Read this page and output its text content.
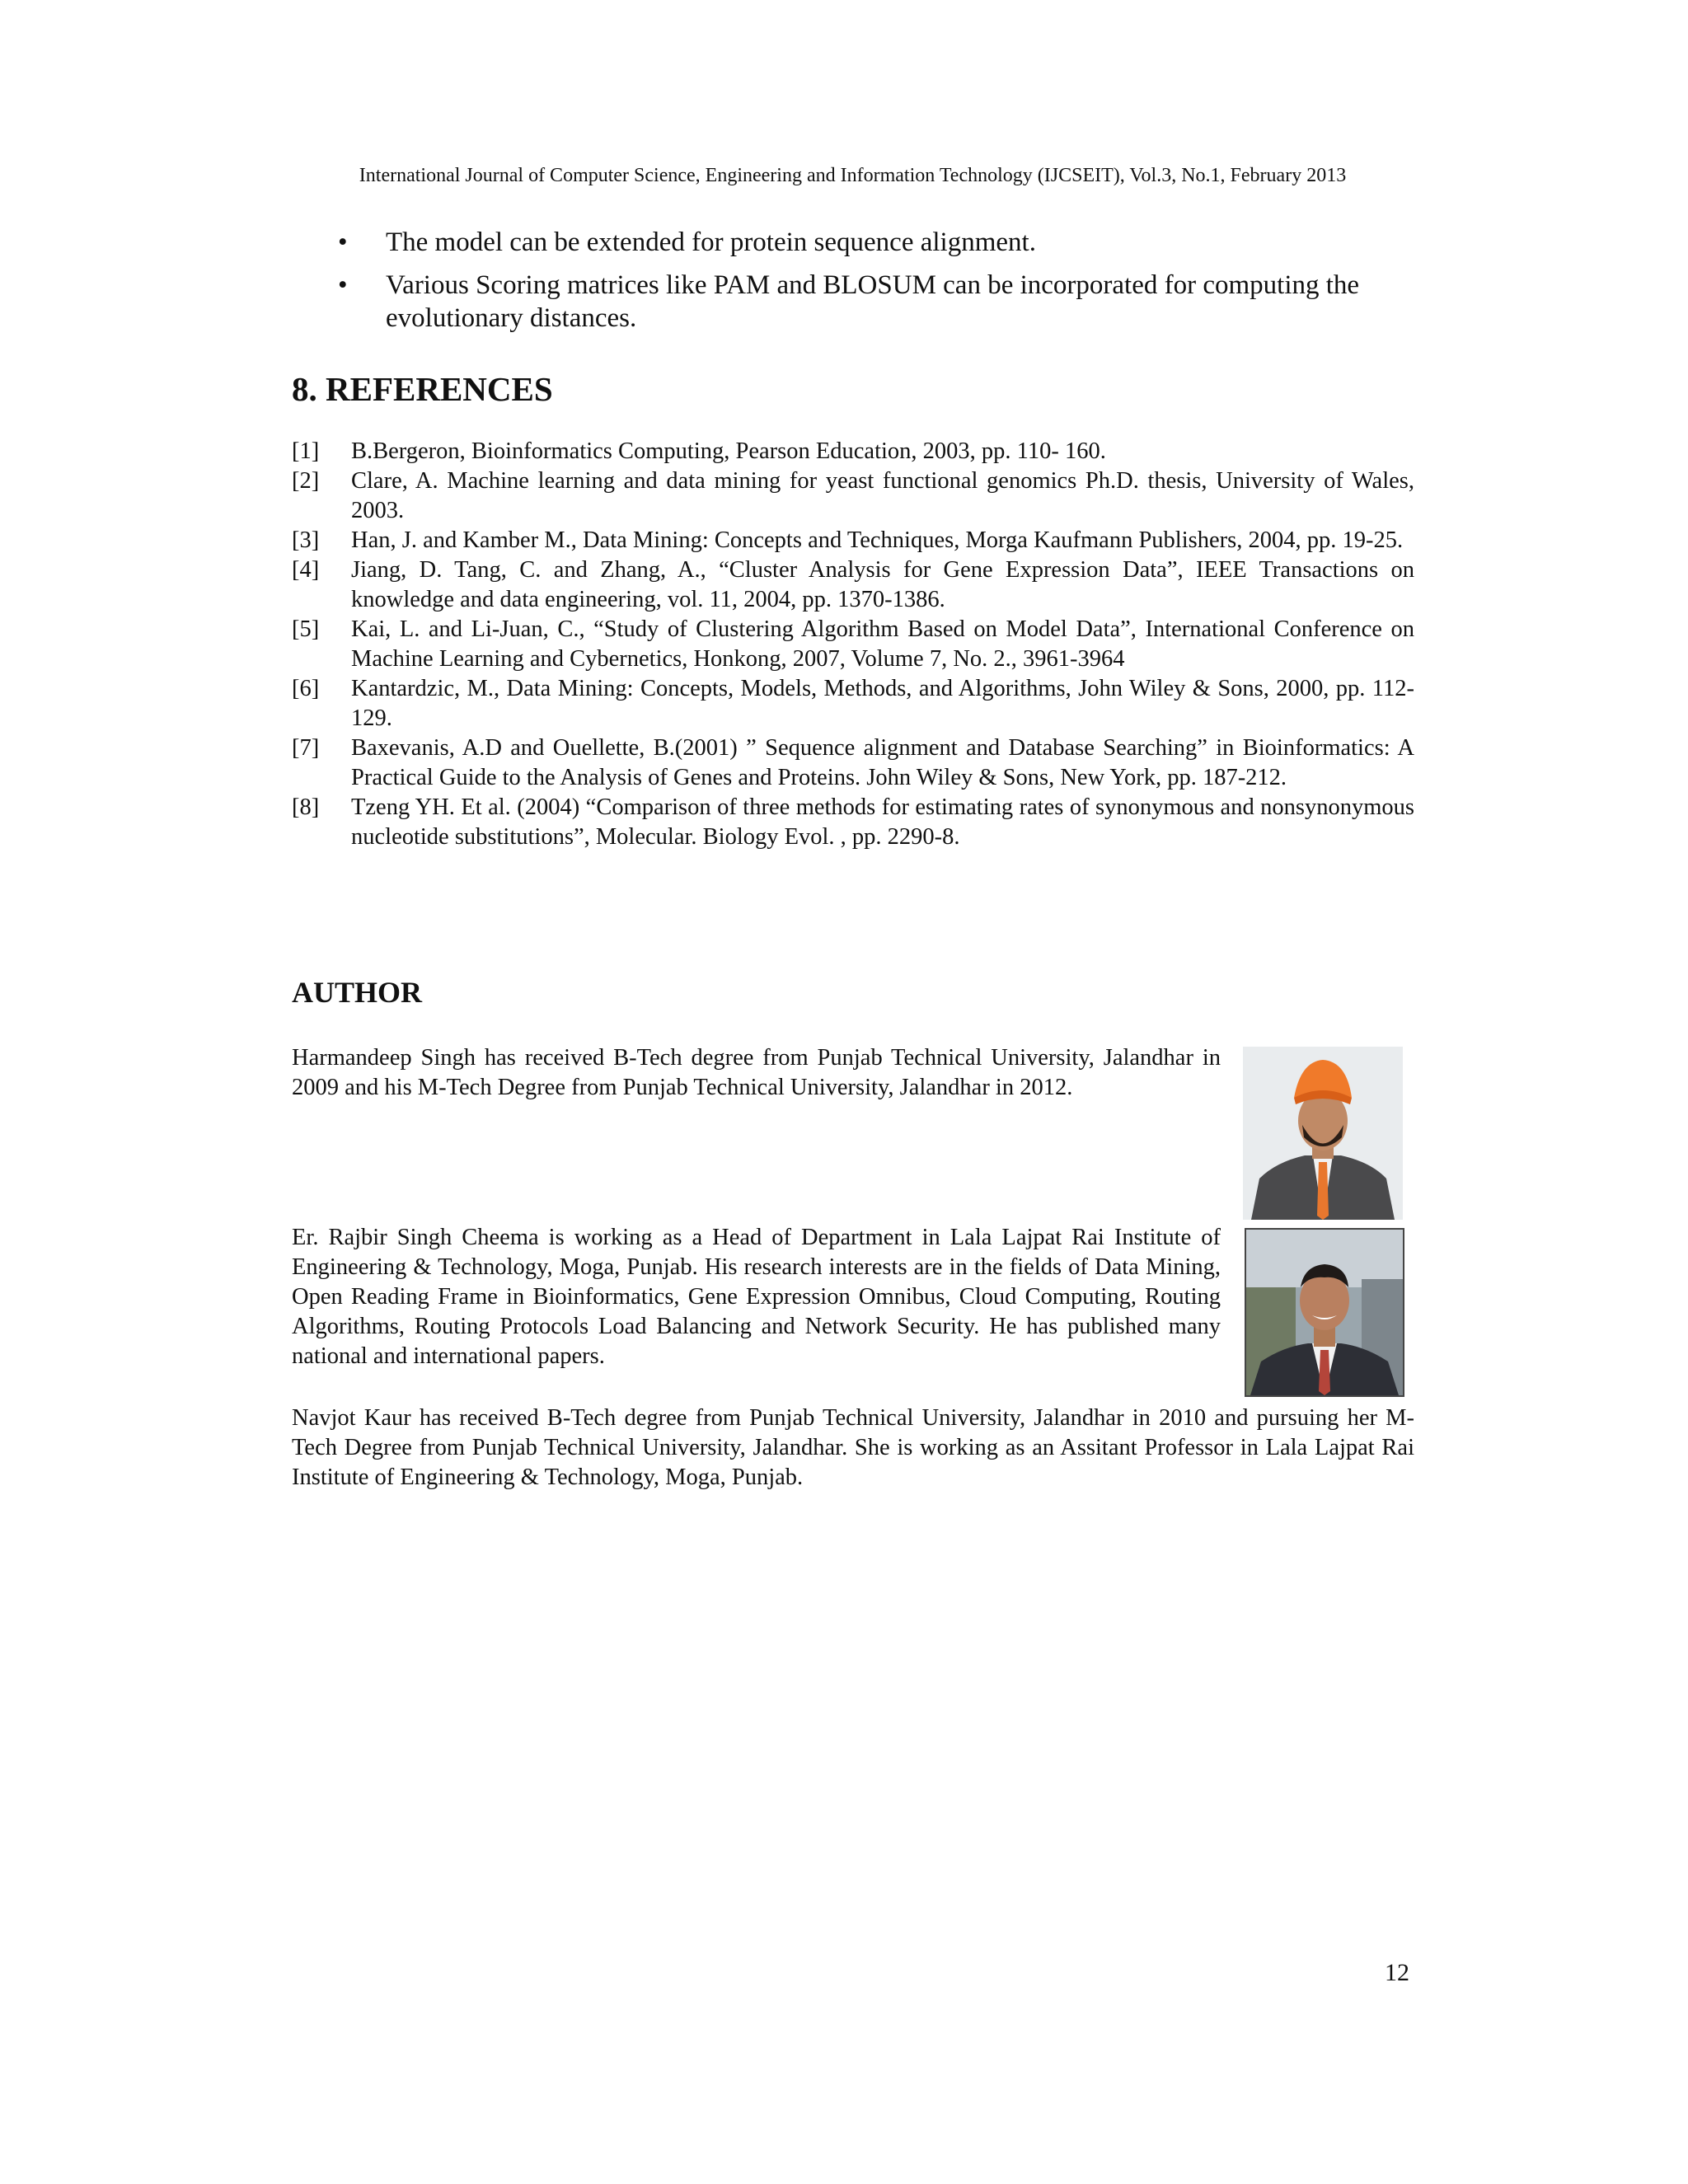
International Journal of Computer Science, Engineering and Information Technology (IJCSEIT), Vol.3, No.1, February 2013
• The model can be extended for protein sequence alignment.
• Various Scoring matrices like PAM and BLOSUM can be incorporated for computing the evolutionary distances.
8. REFERENCES
[1] B.Bergeron, Bioinformatics Computing, Pearson Education, 2003, pp. 110- 160.
[2] Clare, A. Machine learning and data mining for yeast functional genomics Ph.D. thesis, University of Wales, 2003.
[3] Han, J. and Kamber M., Data Mining: Concepts and Techniques, Morga Kaufmann Publishers, 2004, pp. 19-25.
[4] Jiang, D. Tang, C. and Zhang, A., “Cluster Analysis for Gene Expression Data”, IEEE Transactions on knowledge and data engineering, vol. 11, 2004, pp. 1370-1386.
[5] Kai, L. and Li-Juan, C., “Study of Clustering Algorithm Based on Model Data”, International Conference on Machine Learning and Cybernetics, Honkong, 2007, Volume 7, No. 2., 3961-3964
[6] Kantardzic, M., Data Mining: Concepts, Models, Methods, and Algorithms, John Wiley & Sons, 2000, pp. 112-129.
[7] Baxevanis, A.D and Ouellette, B.(2001) ” Sequence alignment and Database Searching” in Bioinformatics: A Practical Guide to the Analysis of Genes and Proteins. John Wiley & Sons, New York, pp. 187-212.
[8] Tzeng YH. Et al. (2004) “Comparison of three methods for estimating rates of synonymous and nonsynonymous nucleotide substitutions”, Molecular. Biology Evol. , pp. 2290-8.
AUTHOR

Harmandeep Singh has received B-Tech degree from Punjab Technical University, Jalandhar in 2009 and his M-Tech Degree from Punjab Technical University, Jalandhar in 2012.

Er. Rajbir Singh Cheema is working as a Head of Department in Lala Lajpat Rai Institute of Engineering & Technology, Moga, Punjab. His research interests are in the fields of Data Mining, Open Reading Frame in Bioinformatics, Gene Expression Omnibus, Cloud Computing, Routing Algorithms, Routing Protocols Load Balancing and Network Security. He has published many national and international papers.

Navjot Kaur has received B-Tech degree from Punjab Technical University, Jalandhar in 2010 and pursuing her M-Tech Degree from Punjab Technical University, Jalandhar. She is working as an Assitant Professor in Lala Lajpat Rai Institute of Engineering & Technology, Moga, Punjab.

12
